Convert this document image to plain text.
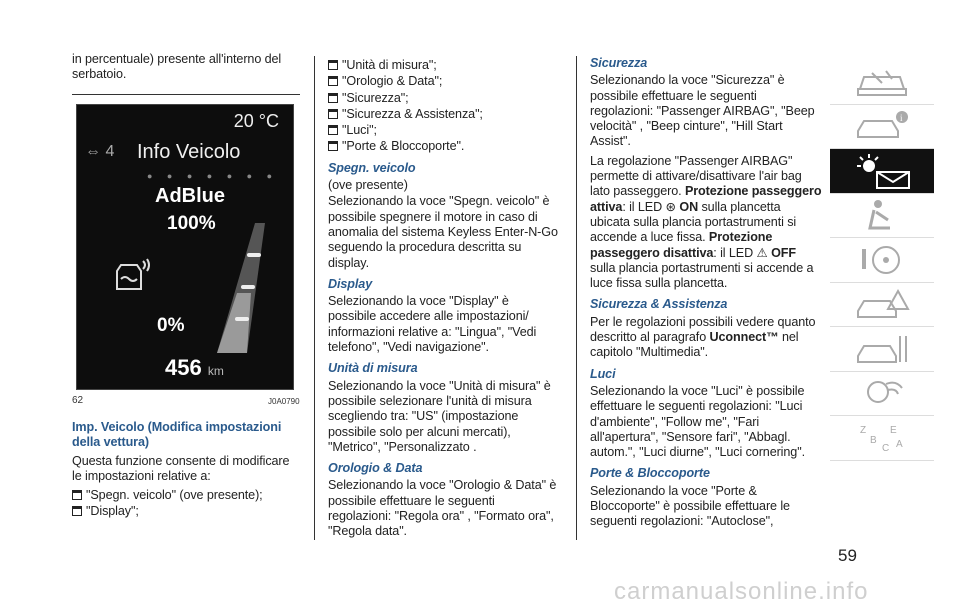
in percentuale) presente all'interno del serbatoio.

20 °C
⇔ 4 Info Veicolo
● ● ● ● ● ● ●
AdBlue
100%
0%
456 km
62	J0A0790

Imp. Veicolo (Modifica impostazioni della vettura)

Questa funzione consente di modificare le impostazioni relative a:

"Spegn. veicolo" (ove presente);
"Display";
"Unità di misura";
"Orologio & Data";
"Sicurezza";
"Sicurezza & Assistenza";
"Luci";
"Porte & Bloccoporte".

Spegn. veicolo

(ove presente)

Selezionando la voce "Spegn. veicolo" è possibile spegnere il motore in caso di anomalia del sistema Keyless Enter-N-Go seguendo la procedura descritta su display.

Display

Selezionando la voce "Display" è possibile accedere alle impostazioni/ informazioni relative a: "Lingua", "Vedi telefono", "Vedi navigazione".

Unità di misura

Selezionando la voce "Unità di misura" è possibile selezionare l'unità di misura scegliendo tra: "US" (impostazione possibile solo per alcuni mercati), "Metrico", "Personalizzato .

Orologio & Data

Selezionando la voce "Orologio & Data" è possibile effettuare le seguenti regolazioni: "Regola ora" , "Formato ora", "Regola data".

Sicurezza

Selezionando la voce "Sicurezza" è possibile effettuare le seguenti regolazioni: "Passenger AIRBAG", "Beep velocità" , "Beep cinture", "Hill Start Assist".

La regolazione "Passenger AIRBAG" permette di attivare/disattivare l'air bag lato passeggero. Protezione passeggero attiva: il LED ⊛ ON sulla plancetta ubicata sulla plancia portastrumenti si accende a luce fissa. Protezione passeggero disattiva: il LED ⚠ OFF sulla plancia portastrumenti si accende a luce fissa sulla plancetta.

Sicurezza & Assistenza

Per le regolazioni possibili vedere quanto descritto al paragrafo Uconnect™ nel capitolo "Multimedia".

Luci

Selezionando la voce "Luci" è possibile effettuare le seguenti regolazioni: "Luci d'ambiente", "Follow me", "Fari all'apertura", "Sensore fari", "Abbagl. autom.", "Luci diurne", "Luci cornering".

Porte & Bloccoporte

Selezionando la voce "Porte & Bloccoporte" è possibile effettuare le seguenti regolazioni: "Autoclose",

i
Z E
B
C A
59
carmanualsonline.info
